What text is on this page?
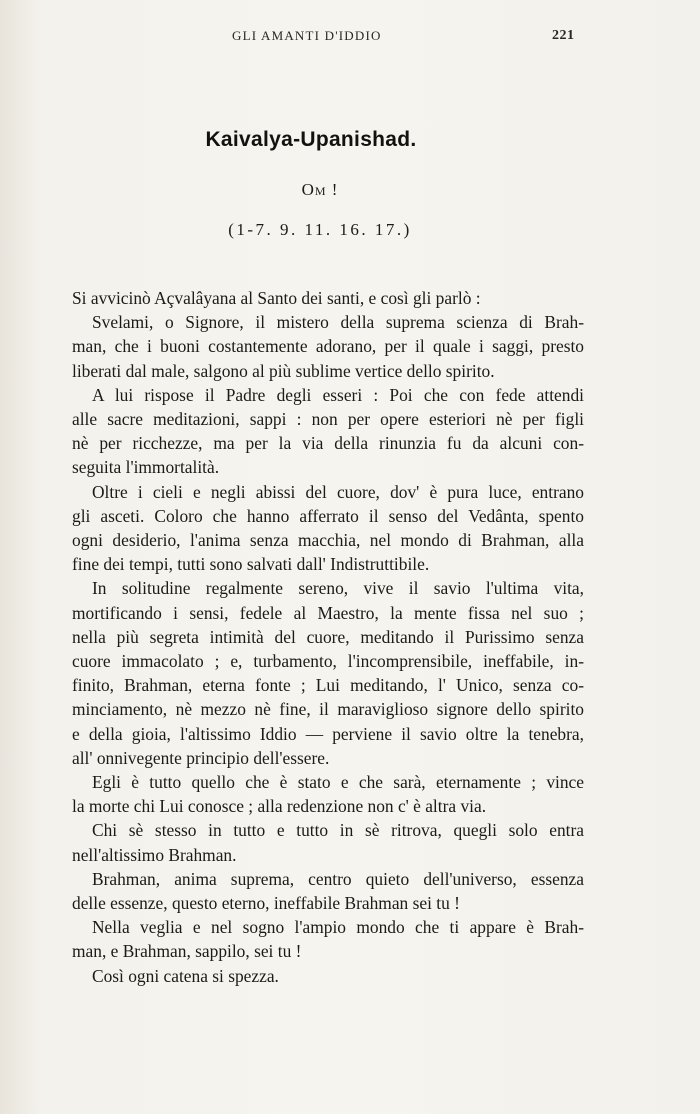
GLI AMANTI D'IDDIO	221
Kaivalya-Upanishad.
Om !
(1-7. 9. 11. 16. 17.)
Si avvicinò Açvalâyana al Santo dei santi, e così gli parlò :
Svelami, o Signore, il mistero della suprema scienza di Brah-
man, che i buoni costantemente adorano, per il quale i saggi, presto
liberati dal male, salgono al più sublime vertice dello spirito.
A lui rispose il Padre degli esseri : Poi che con fede attendi
alle sacre meditazioni, sappi : non per opere esteriori nè per figli
nè per ricchezze, ma per la via della rinunzia fu da alcuni con-
seguita l'immortalità.
Oltre i cieli e negli abissi del cuore, dov' è pura luce, entrano
gli asceti. Coloro che hanno afferrato il senso del Vedânta, spento
ogni desiderio, l'anima senza macchia, nel mondo di Brahman, alla
fine dei tempi, tutti sono salvati dall' Indistruttibile.
In solitudine regalmente sereno, vive il savio l'ultima vita,
mortificando i sensi, fedele al Maestro, la mente fissa nel suo ;
nella più segreta intimità del cuore, meditando il Purissimo senza
cuore immacolato ; e, turbamento, l'incomprensibile, ineffabile, in-
finito, Brahman, eterna fonte ; Lui meditando, l' Unico, senza co-
minciamento, nè mezzo nè fine, il maraviglioso signore dello spirito
e della gioia, l'altissimo Iddio — perviene il savio oltre la tenebra,
all' onnivegente principio dell'essere.
Egli è tutto quello che è stato e che sarà, eternamente ; vince
la morte chi Lui conosce ; alla redenzione non c' è altra via.
Chi sè stesso in tutto e tutto in sè ritrova, quegli solo entra
nell'altissimo Brahman.
Brahman, anima suprema, centro quieto dell'universo, essenza
delle essenze, questo eterno, ineffabile Brahman sei tu !
Nella veglia e nel sogno l'ampio mondo che ti appare è Brah-
man, e Brahman, sappilo, sei tu !
Così ogni catena si spezza.
